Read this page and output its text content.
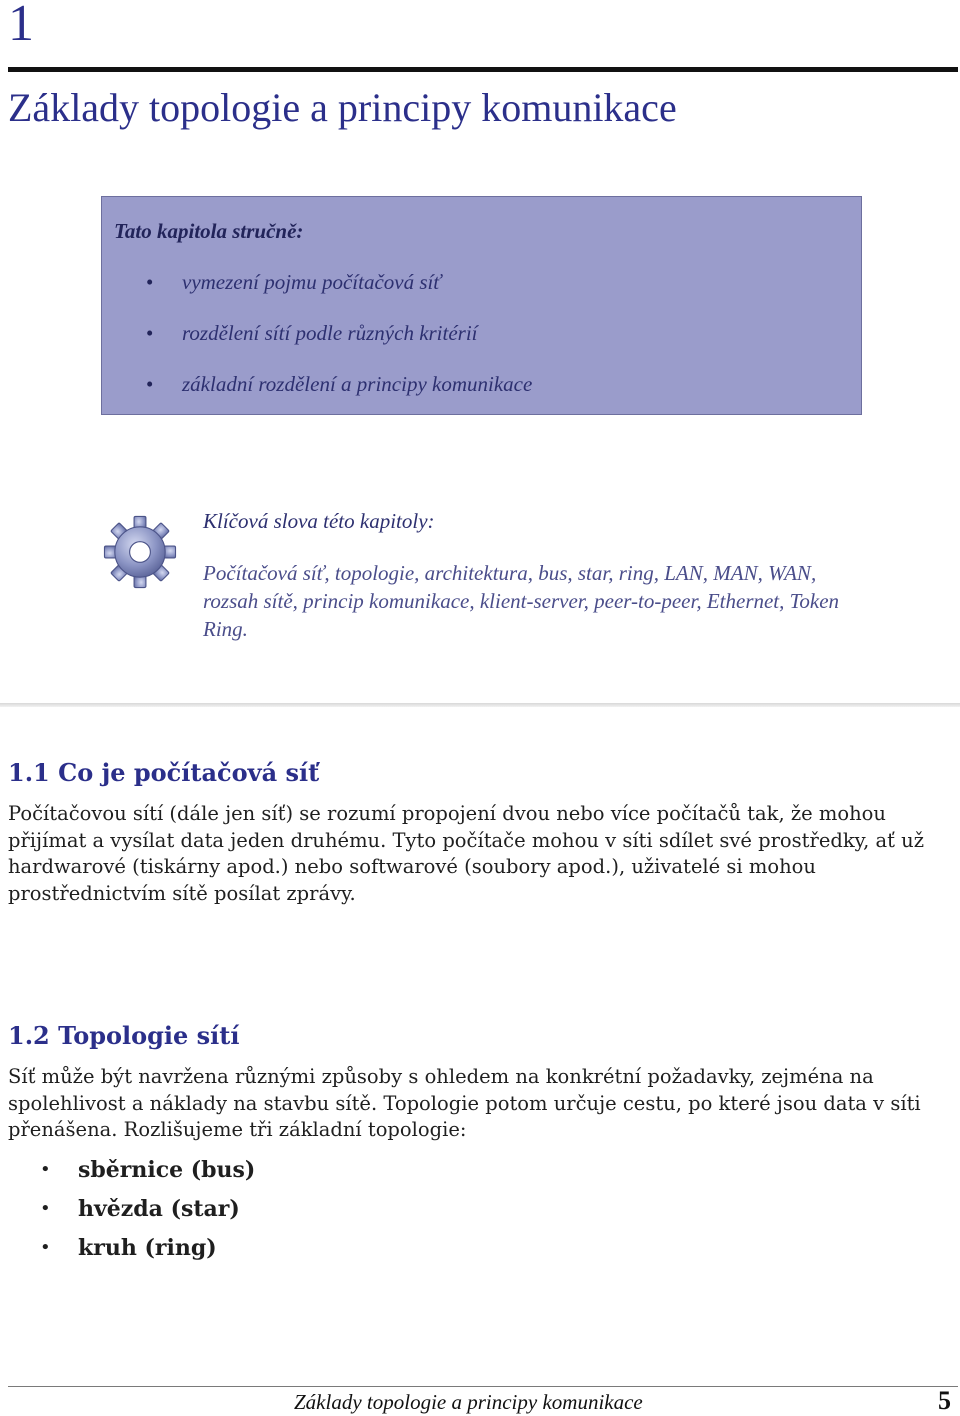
1
Základy topologie a principy komunikace
Tato kapitola stručně:
• vymezení pojmu počítačová síť
• rozdělení sítí podle různých kritérií
• základní rozdělení a principy komunikace
Klíčová slova této kapitoly:
Počítačová síť, topologie, architektura, bus, star, ring, LAN, MAN, WAN, rozsah sítě, princip komunikace, klient-server, peer-to-peer, Ethernet, Token Ring.
1.1 Co je počítačová síť

Počítačovou sítí (dále jen síť) se rozumí propojení dvou nebo více počítačů tak, že mohou přijímat a vysílat data jeden druhému. Tyto počítače mohou v síti sdílet své prostředky, ať už hardwarové (tiskárny apod.) nebo softwarové (soubory apod.), uživatelé si mohou prostřednictvím sítě posílat zprávy.

1.2 Topologie sítí

Síť může být navržena různými způsoby s ohledem na konkrétní požadavky, zejména na spolehlivost a náklady na stavbu sítě. Topologie potom určuje cestu, po které jsou data v síti přenášena. Rozlišujeme tři základní topologie:

• sběrnice (bus)
• hvězda (star)
• kruh (ring)
Základy topologie a principy komunikace	5
